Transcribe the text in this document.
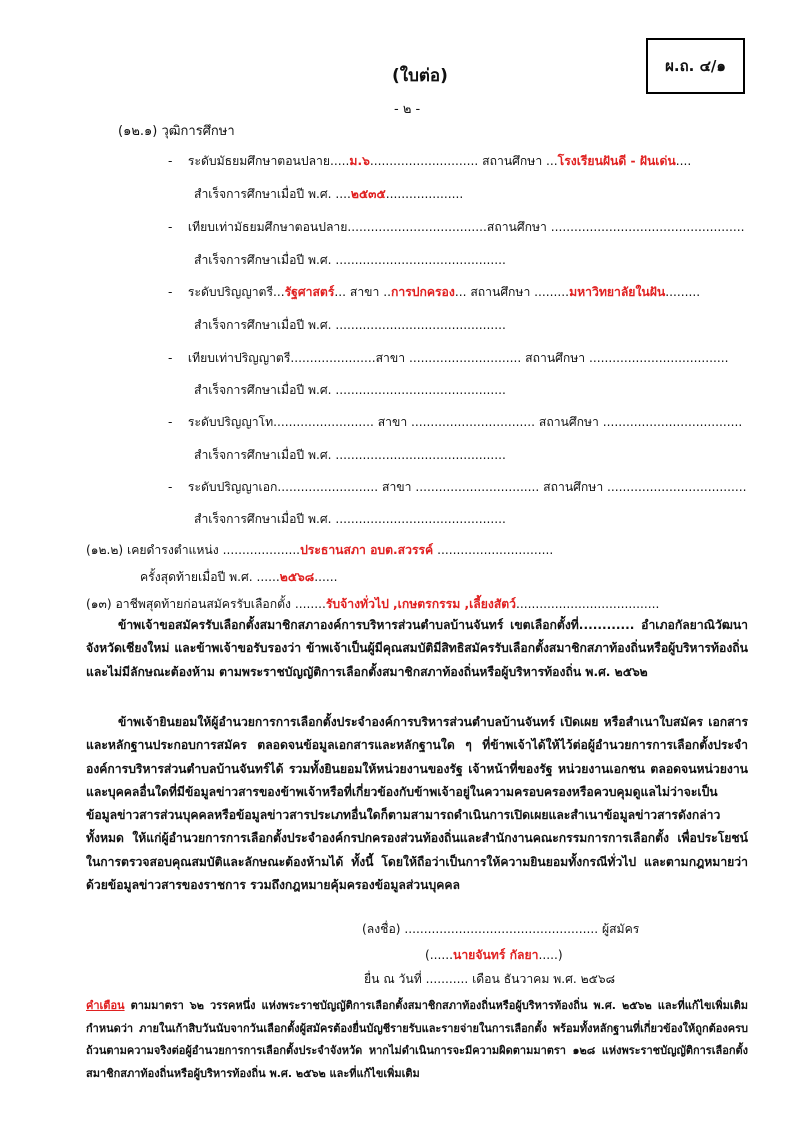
ผ.ถ. ๔/๑
(ใบต่อ)
- ๒ -
(๑๒.๑) วุฒิการศึกษา
- ระดับมัธยมศึกษาตอนปลาย.....ม.๖............................ สถานศึกษา ...โรงเรียนฝันดี - ฝันเด่น....
สำเร็จการศึกษาเมื่อปี พ.ศ. ....๒๕๓๕....................
- เทียบเท่ามัธยมศึกษาตอนปลาย....................................สถานศึกษา ..................................................
สำเร็จการศึกษาเมื่อปี พ.ศ. ............................................
- ระดับปริญญาตรี...รัฐศาสตร์... สาขา ..การปกครอง... สถานศึกษา .........มหาวิทยาลัยในฝัน.........
สำเร็จการศึกษาเมื่อปี พ.ศ. ............................................
- เทียบเท่าปริญญาตรี......................สาขา ............................. สถานศึกษา ....................................
สำเร็จการศึกษาเมื่อปี พ.ศ. ............................................
- ระดับปริญญาโท.......................... สาขา ................................ สถานศึกษา ....................................
สำเร็จการศึกษาเมื่อปี พ.ศ. ............................................
- ระดับปริญญาเอก.......................... สาขา ................................ สถานศึกษา ....................................
สำเร็จการศึกษาเมื่อปี พ.ศ. ............................................
(๑๒.๒) เคยดำรงตำแหน่ง ....................ประธานสภา อบต.สวรรค์ ..............................
ครั้งสุดท้ายเมื่อปี พ.ศ. ......๒๕๖๘......
(๑๓) อาชีพสุดท้ายก่อนสมัครรับเลือกตั้ง ........รับจ้างทั่วไป ,เกษตรกรรม ,เลี้ยงสัตว์.....................................
ข้าพเจ้าขอสมัครรับเลือกตั้งสมาชิกสภาองค์การบริหารส่วนตำบลบ้านจันทร์ เขตเลือกตั้งที่............ อำเภอกัลยาณิวัฒนา จังหวัดเชียงใหม่ และข้าพเจ้าขอรับรองว่า ข้าพเจ้าเป็นผู้มีคุณสมบัติมีสิทธิสมัครรับเลือกตั้งสมาชิกสภาท้องถิ่นหรือผู้บริหารท้องถิ่นและไม่มีลักษณะต้องห้าม ตามพระราชบัญญัติการเลือกตั้งสมาชิกสภาท้องถิ่นหรือผู้บริหารท้องถิ่น พ.ศ. ๒๕๖๒
ข้าพเจ้ายินยอมให้ผู้อำนวยการการเลือกตั้งประจำองค์การบริหารส่วนตำบลบ้านจันทร์ เปิดเผย หรือสำเนาใบสมัคร เอกสารและหลักฐานประกอบการสมัคร ตลอดจนข้อมูลเอกสารและหลักฐานใด ๆ ที่ข้าพเจ้าได้ให้ไว้ต่อผู้อำนวยการการเลือกตั้งประจำองค์การบริหารส่วนตำบลบ้านจันทร์ได้ รวมทั้งยินยอมให้หน่วยงานของรัฐ เจ้าหน้าที่ของรัฐ หน่วยงานเอกชน ตลอดจนหน่วยงานและบุคคลอื่นใดที่มีข้อมูลข่าวสารของข้าพเจ้าหรือที่เกี่ยวข้องกับข้าพเจ้าอยู่ในความครอบครองหรือควบคุมดูแลไม่ว่าจะเป็นข้อมูลข่าวสารส่วนบุคคลหรือข้อมูลข่าวสารประเภทอื่นใดก็ตามสามารถดำเนินการเปิดเผยและสำเนาข้อมูลข่าวสารดังกล่าวทั้งหมด ให้แก่ผู้อำนวยการการเลือกตั้งประจำองค์กรปกครองส่วนท้องถิ่นและสำนักงานคณะกรรมการการเลือกตั้ง เพื่อประโยชน์ในการตรวจสอบคุณสมบัติและลักษณะต้องห้ามได้ ทั้งนี้ โดยให้ถือว่าเป็นการให้ความยินยอมทั้งกรณีทั่วไป และตามกฎหมายว่าด้วยข้อมูลข่าวสารของราชการ รวมถึงกฎหมายคุ้มครองข้อมูลส่วนบุคคล
(ลงชื่อ) .................................................. ผู้สมัคร
(......นายจันทร์ กัลยา.....)
ยื่น ณ วันที่ ........... เดือน ธันวาคม พ.ศ. ๒๕๖๘
คำเตือน ตามมาตรา ๖๒ วรรคหนึ่ง แห่งพระราชบัญญัติการเลือกตั้งสมาชิกสภาท้องถิ่นหรือผู้บริหารท้องถิ่น พ.ศ. ๒๕๖๒ และที่แก้ไขเพิ่มเติม กำหนดว่า ภายในเก้าสิบวันนับจากวันเลือกตั้งผู้สมัครต้องยื่นบัญชีรายรับและรายจ่ายในการเลือกตั้ง พร้อมทั้งหลักฐานที่เกี่ยวข้องให้ถูกต้องครบถ้วนตามความจริงต่อผู้อำนวยการการเลือกตั้งประจำจังหวัด หากไม่ดำเนินการจะมีความผิดตามมาตรา ๑๒๘ แห่งพระราชบัญญัติการเลือกตั้งสมาชิกสภาท้องถิ่นหรือผู้บริหารท้องถิ่น พ.ศ. ๒๕๖๒ และที่แก้ไขเพิ่มเติม
